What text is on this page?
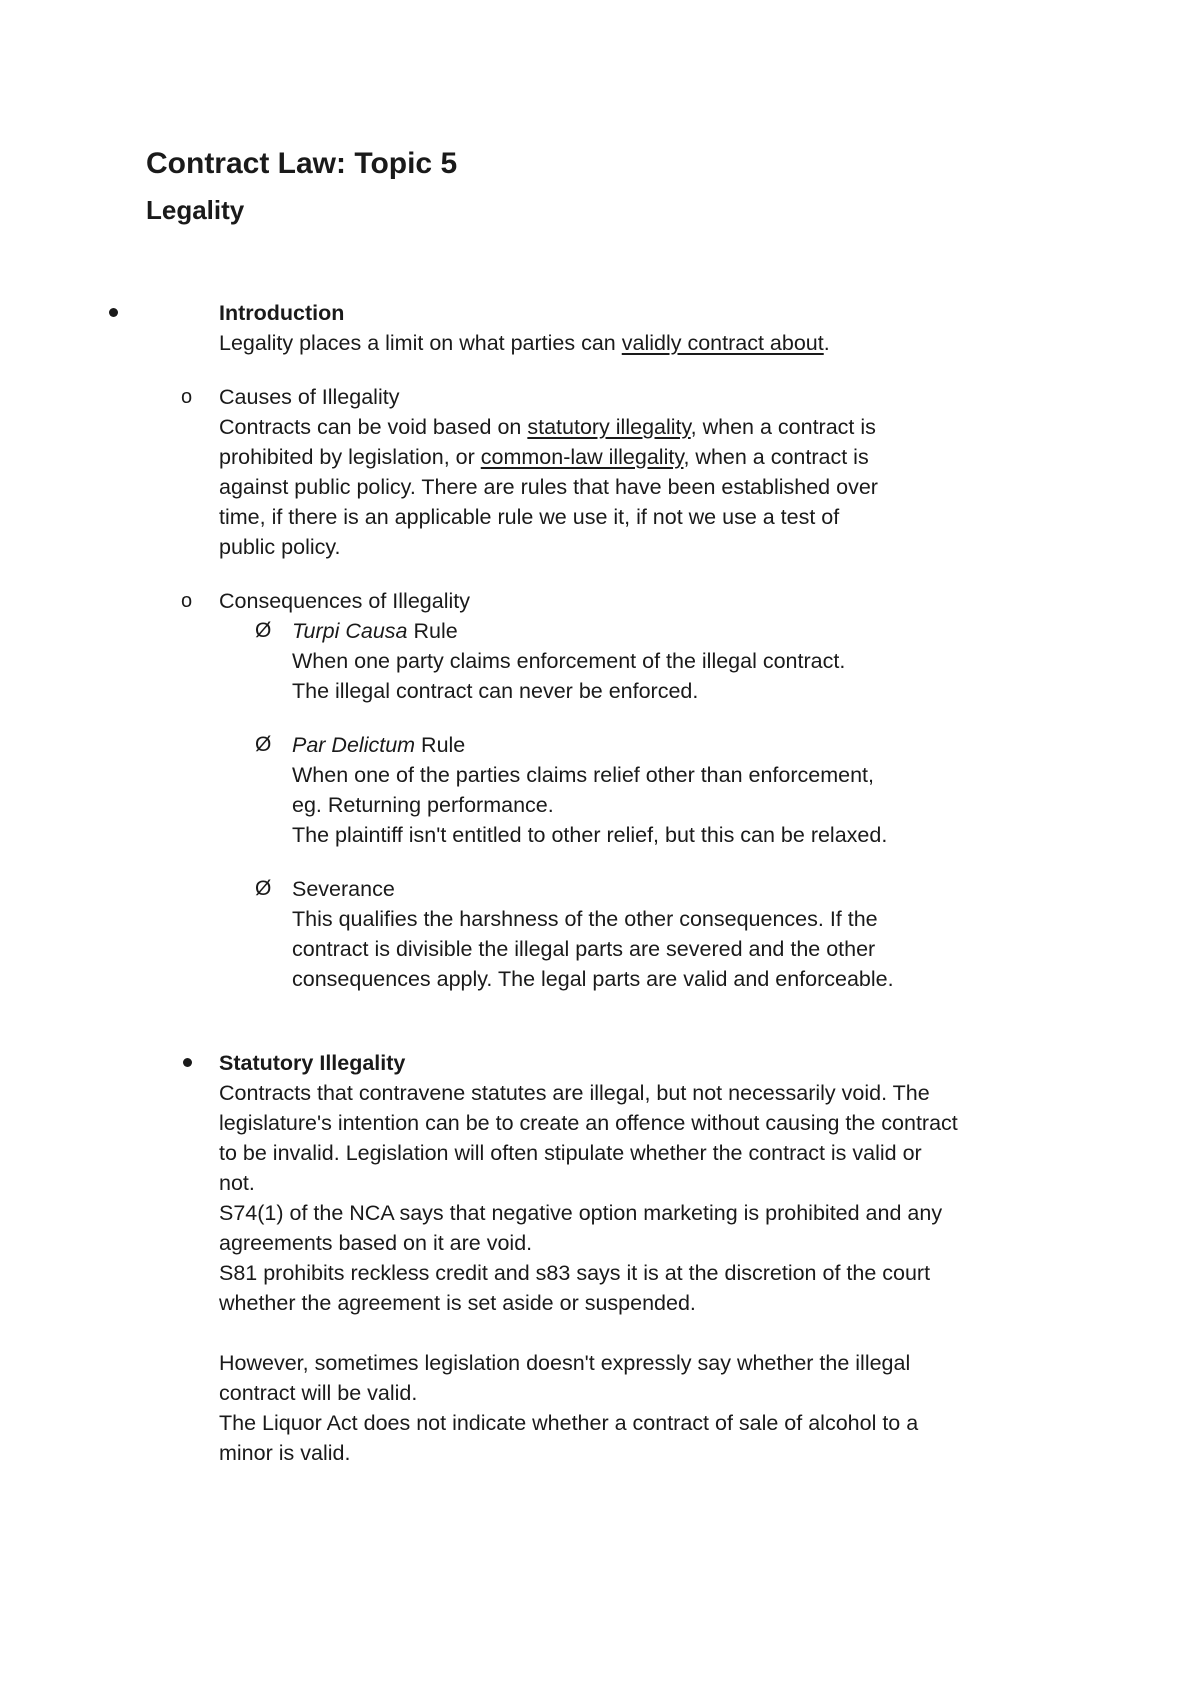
Contract Law: Topic 5
Legality
Introduction
Legality places a limit on what parties can validly contract about.
o Causes of Illegality
Contracts can be void based on statutory illegality, when a contract is
prohibited by legislation, or common-law illegality, when a contract is
against public policy. There are rules that have been established over
time, if there is an applicable rule we use it, if not we use a test of
public policy.
o Consequences of Illegality
Ø Turpi Causa Rule
When one party claims enforcement of the illegal contract.
The illegal contract can never be enforced.
Ø Par Delictum Rule
When one of the parties claims relief other than enforcement,
eg. Returning performance.
The plaintiff isn't entitled to other relief, but this can be relaxed.
Ø Severance
This qualifies the harshness of the other consequences. If the
contract is divisible the illegal parts are severed and the other
consequences apply. The legal parts are valid and enforceable.
Statutory Illegality
Contracts that contravene statutes are illegal, but not necessarily void. The
legislature's intention can be to create an offence without causing the contract
to be invalid. Legislation will often stipulate whether the contract is valid or
not.
S74(1) of the NCA says that negative option marketing is prohibited and any
agreements based on it are void.
S81 prohibits reckless credit and s83 says it is at the discretion of the court
whether the agreement is set aside or suspended.
However, sometimes legislation doesn't expressly say whether the illegal
contract will be valid.
The Liquor Act does not indicate whether a contract of sale of alcohol to a
minor is valid.
